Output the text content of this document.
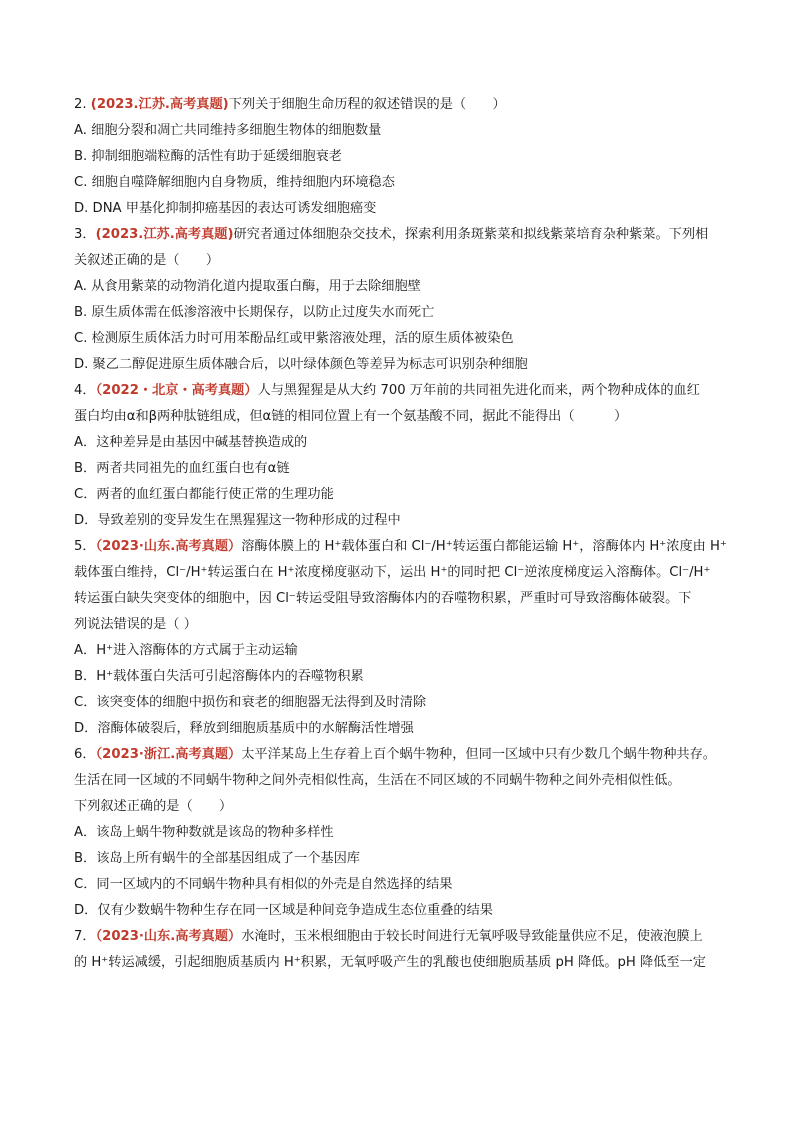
2. (2023.江苏.高考真题)下列关于细胞生命历程的叙述错误的是（　　）
A. 细胞分裂和凋亡共同维持多细胞生物体的细胞数量
B. 抑制细胞端粒酶的活性有助于延缓细胞衰老
C. 细胞自噬降解细胞内自身物质，维持细胞内环境稳态
D. DNA 甲基化抑制抑癌基因的表达可诱发细胞癌变
3．(2023.江苏.高考真题)研究者通过体细胞杂交技术，探索利用条斑紫菜和拟线紫菜培育杂种紫菜。下列相
关叙述正确的是（　　）
A. 从食用紫菜的动物消化道内提取蛋白酶，用于去除细胞壁
B. 原生质体需在低渗溶液中长期保存，以防止过度失水而死亡
C. 检测原生质体活力时可用苯酚品红或甲紫溶液处理，活的原生质体被染色
D. 聚乙二醇促进原生质体融合后，以叶绿体颜色等差异为标志可识别杂种细胞
4．（2022・北京・高考真题）人与黑猩猩是从大约 700 万年前的共同祖先进化而来，两个物种成体的血红
蛋白均由α和β两种肽链组成，但α链的相同位置上有一个氨基酸不同，据此不能得出（　　　）
A．这种差异是由基因中碱基替换造成的
B．两者共同祖先的血红蛋白也有α链
C．两者的血红蛋白都能行使正常的生理功能
D．导致差别的变异发生在黑猩猩这一物种形成的过程中
5．（2023·山东.高考真题）溶酶体膜上的 H⁺载体蛋白和 Cl⁻/H⁺转运蛋白都能运输 H⁺，溶酶体内 H⁺浓度由 H⁺
载体蛋白维持，Cl⁻/H⁺转运蛋白在 H⁺浓度梯度驱动下，运出 H⁺的同时把 Cl⁻逆浓度梯度运入溶酶体。Cl⁻/H⁺
转运蛋白缺失突变体的细胞中，因 Cl⁻转运受阻导致溶酶体内的吞噬物积累，严重时可导致溶酶体破裂。下
列说法错误的是（ ）
A．H⁺进入溶酶体的方式属于主动运输
B．H⁺载体蛋白失活可引起溶酶体内的吞噬物积累
C．该突变体的细胞中损伤和衰老的细胞器无法得到及时清除
D．溶酶体破裂后，释放到细胞质基质中的水解酶活性增强
6．（2023·浙江.高考真题）太平洋某岛上生存着上百个蜗牛物种，但同一区域中只有少数几个蜗牛物种共存。
生活在同一区域的不同蜗牛物种之间外壳相似性高，生活在不同区域的不同蜗牛物种之间外壳相似性低。
下列叙述正确的是（　　）
A．该岛上蜗牛物种数就是该岛的物种多样性
B．该岛上所有蜗牛的全部基因组成了一个基因库
C．同一区域内的不同蜗牛物种具有相似的外壳是自然选择的结果
D．仅有少数蜗牛物种生存在同一区域是种间竞争造成生态位重叠的结果
7．（2023·山东.高考真题）水淹时，玉米根细胞由于较长时间进行无氧呼吸导致能量供应不足，使液泡膜上
的 H⁺转运减缓，引起细胞质基质内 H⁺积累，无氧呼吸产生的乳酸也使细胞质基质 pH 降低。pH 降低至一定
